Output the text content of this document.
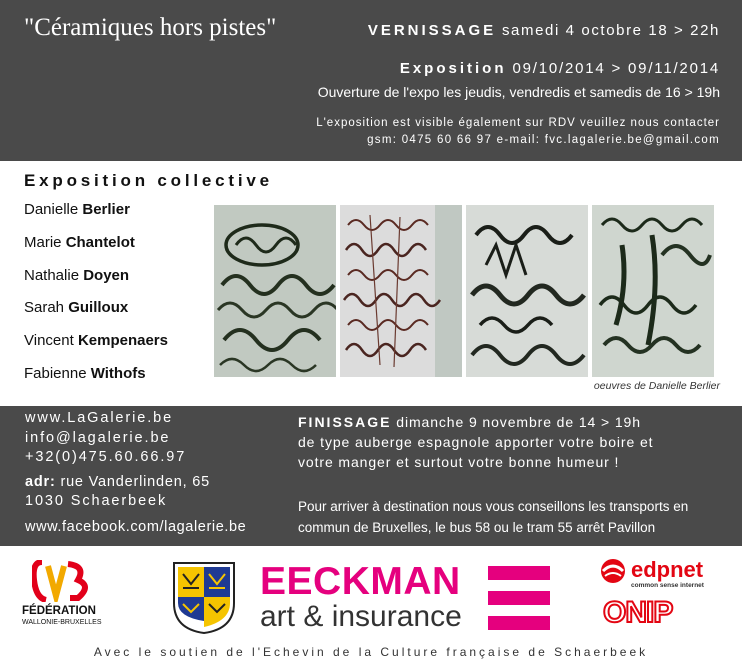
"Céramiques hors pistes"	VERNISSAGE samedi 4 octobre 18 > 22h
Exposition 09/10/2014 > 09/11/2014
Ouverture de l'expo les jeudis, vendredis et samedis de 16 > 19h
L'exposition est visible également sur RDV veuillez nous contacter
gsm: 0475 60 66 97 e-mail: fvc.lagalerie.be@gmail.com
Exposition collective
Danielle Berlier
Marie Chantelot
Nathalie Doyen
Sarah Guilloux
Vincent Kempenaers
Fabienne Withofs
oeuvres de Danielle Berlier
www.LaGalerie.be
info@lagalerie.be
+32(0)475.60.66.97
adr: rue Vanderlinden, 65
1030 Schaerbeek
www.facebook.com/lagalerie.be
FINISSAGE dimanche 9 novembre de 14 > 19h
de type auberge espagnole apporter votre boire et
votre manger et surtout votre bonne humeur !
Pour arriver à destination nous vous conseillons les transports en
commun de Bruxelles, le bus 58 ou le tram 55 arrêt Pavillon
FÉDÉRATION
WALLONIE-BRUXELLES
EECKMAN
art & insurance
edpnet
common sense internet
ONIP
Avec le soutien de l'Echevin de la Culture française de Schaerbeek
